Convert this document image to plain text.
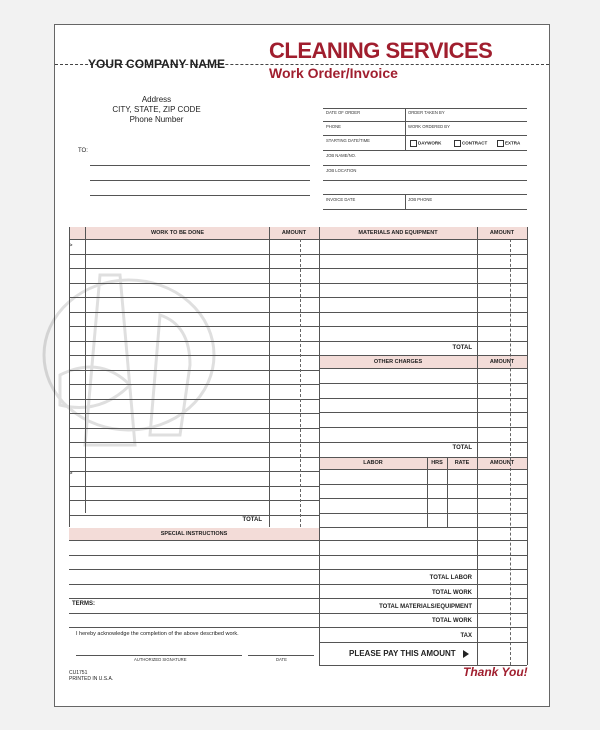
YOUR COMPANY NAME
Address
CITY, STATE, ZIP CODE
Phone Number
TO:
CLEANING SERVICES
Work Order/Invoice
DATE OF ORDER	ORDER TAKEN BY
PHONE	WORK ORDERED BY
STARTING DATE/TIME
DAYWORK	CONTRACT	EXTRA
JOB NAME/NO.
JOB LOCATION
INVOICE DATE	JOB PHONE
WORK TO BE DONE	AMOUNT
>
>
TOTAL
MATERIALS AND EQUIPMENT	AMOUNT
TOTAL
OTHER CHARGES	AMOUNT
TOTAL
LABOR	HRS	RATE	AMOUNT
SPECIAL INSTRUCTIONS
TOTAL LABOR
TOTAL WORK
TOTAL MATERIALS/EQUIPMENT
TOTAL WORK
TAX
PLEASE PAY THIS AMOUNT
TERMS:
I hereby acknowledge the completion of the above described work.
AUTHORIZED SIGNATURE	DATE
CU1751
PRINTED IN U.S.A.	Thank You!
